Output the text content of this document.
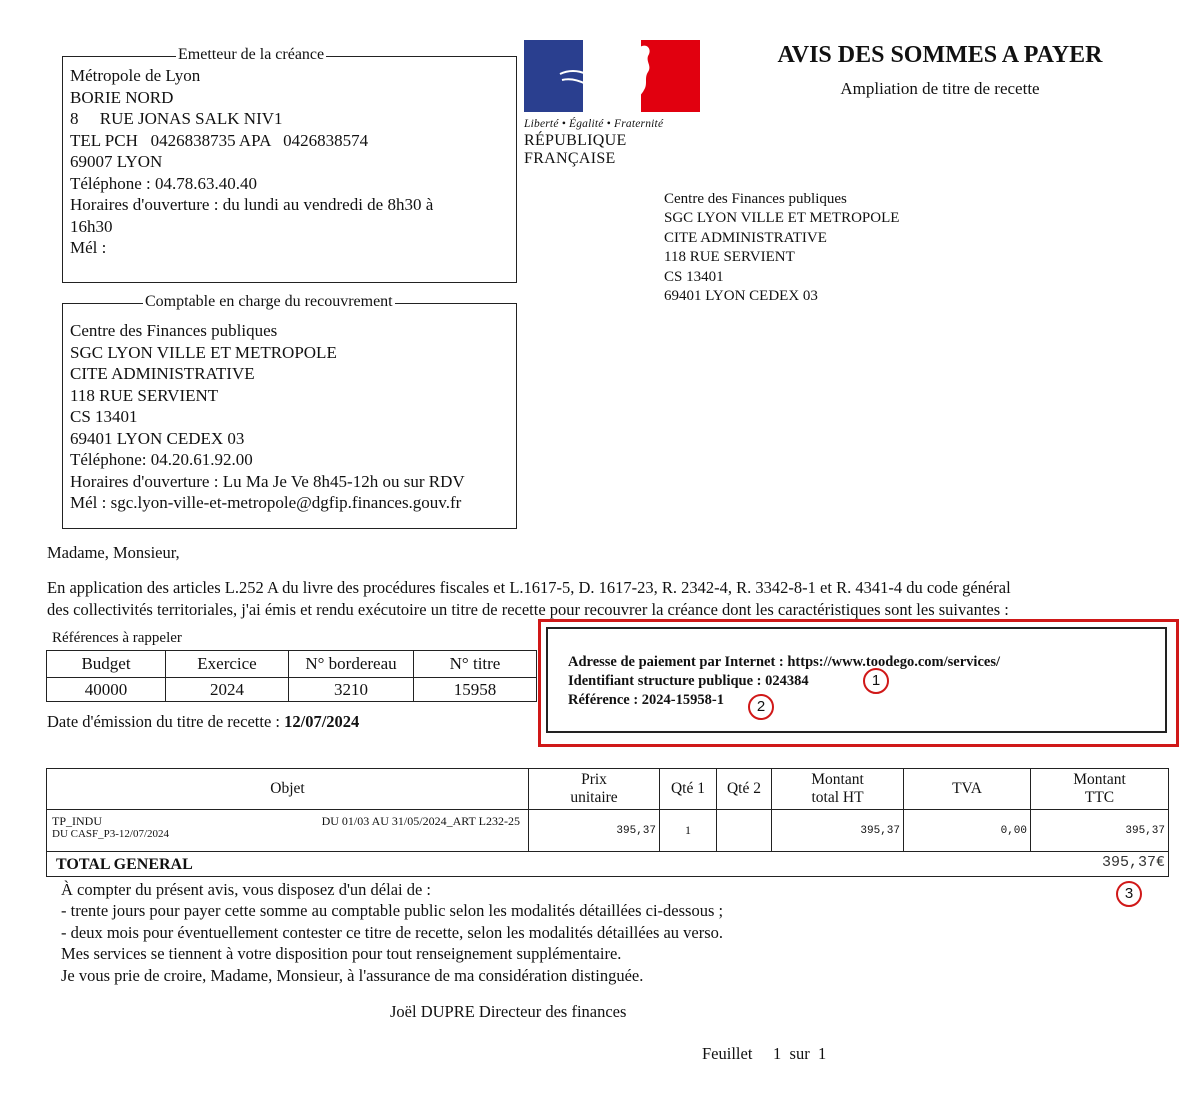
Emetteur de la créance
Métropole de Lyon
BORIE NORD
8     RUE JONAS SALK NIV1
TEL PCH   0426838735 APA   0426838574
69007 LYON
Téléphone : 04.78.63.40.40
Horaires d'ouverture : du lundi au vendredi de 8h30 à
16h30
Mél :
Comptable en charge du recouvrement
Centre des Finances publiques
SGC LYON VILLE ET METROPOLE
CITE ADMINISTRATIVE
118 RUE SERVIENT
CS 13401
69401 LYON CEDEX 03
Téléphone: 04.20.61.92.00
Horaires d'ouverture : Lu Ma Je Ve 8h45-12h ou sur RDV
Mél : sgc.lyon-ville-et-metropole@dgfip.finances.gouv.fr
Liberté • Égalité • Fraternité
RÉPUBLIQUE FRANÇAISE
AVIS DES SOMMES A PAYER
Ampliation de titre de recette
Centre des Finances publiques
SGC LYON VILLE ET METROPOLE
CITE ADMINISTRATIVE
118 RUE SERVIENT
CS 13401
69401 LYON CEDEX 03
Madame, Monsieur,
En application des articles L.252 A du livre des procédures fiscales et L.1617-5, D. 1617-23, R. 2342-4, R. 3342-8-1 et R. 4341-4 du code général
des collectivités territoriales, j'ai émis et rendu exécutoire un titre de recette pour recouvrer la créance dont les caractéristiques sont les suivantes :
Références à rappeler
Budget	Exercice	N° bordereau	N° titre
40000	2024	3210	15958
Date d'émission du titre de recette : 12/07/2024
Adresse de paiement par Internet : https://www.toodego.com/services/
Identifiant structure publique : 024384
Référence : 2024-15958-1
1
2
Objet	Prix unitaire	Qté 1	Qté 2	Montant total HT	TVA	Montant TTC

TP_INDU
DU CASF_P3-12/07/2024
DU 01/03 AU 31/05/2024_ART L232-25	395,37	1		395,37	0,00	395,37

TOTAL GENERAL 395,37€						
3
À compter du présent avis, vous disposez d'un délai de :
- trente jours pour payer cette somme au comptable public selon les modalités détaillées ci-dessous ;
- deux mois pour éventuellement contester ce titre de recette, selon les modalités détaillées au verso.
Mes services se tiennent à votre disposition pour tout renseignement supplémentaire.
Je vous prie de croire, Madame, Monsieur, à l'assurance de ma considération distinguée.
Joël DUPRE Directeur des finances
Feuillet     1  sur  1
